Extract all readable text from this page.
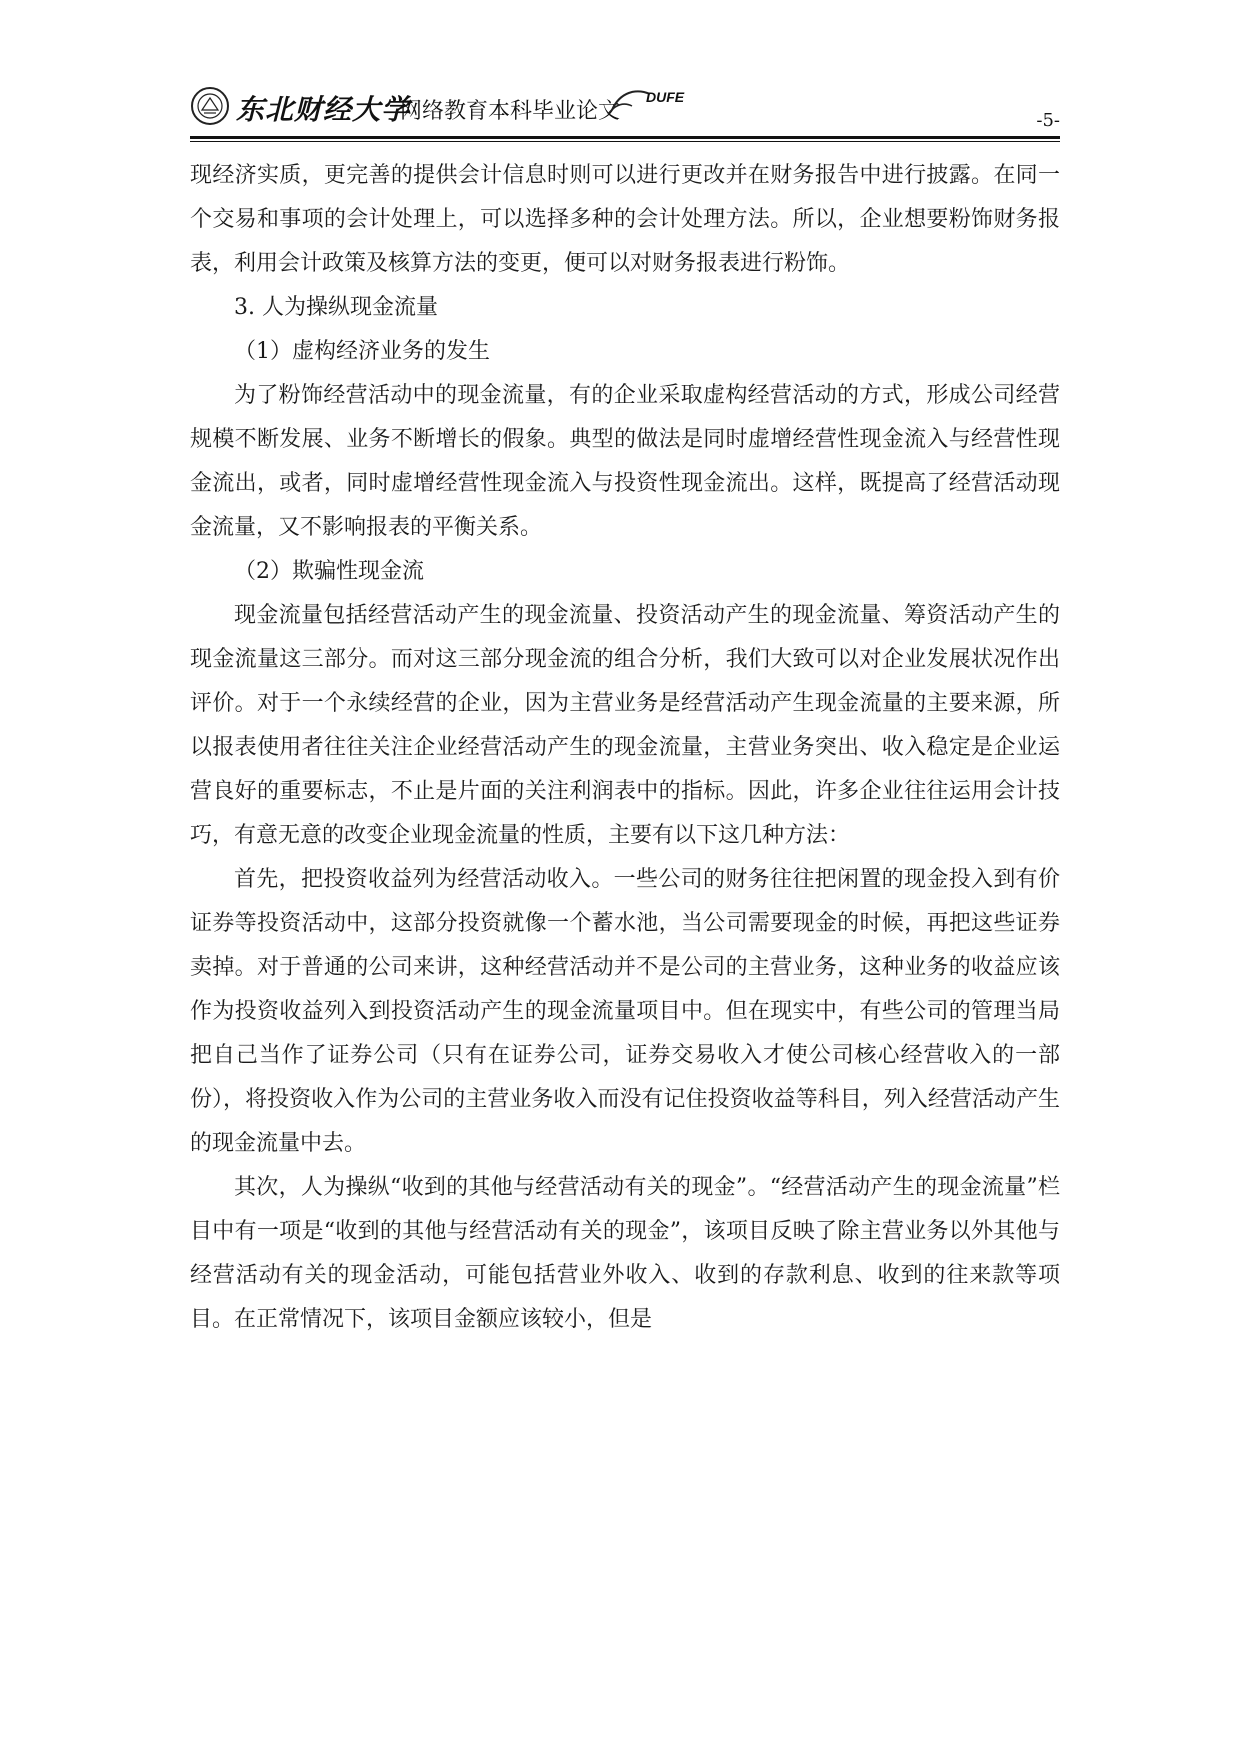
东北财经大学
网络教育本科毕业论文
DUFE
-5-

现经济实质，更完善的提供会计信息时则可以进行更改并在财务报告中进行披露。在同一个交易和事项的会计处理上，可以选择多种的会计处理方法。所以，企业想要粉饰财务报表，利用会计政策及核算方法的变更，便可以对财务报表进行粉饰。

3. 人为操纵现金流量

（1）虚构经济业务的发生

为了粉饰经营活动中的现金流量，有的企业采取虚构经营活动的方式，形成公司经营规模不断发展、业务不断增长的假象。典型的做法是同时虚增经营性现金流入与经营性现金流出，或者，同时虚增经营性现金流入与投资性现金流出。这样，既提高了经营活动现金流量，又不影响报表的平衡关系。

（2）欺骗性现金流

现金流量包括经营活动产生的现金流量、投资活动产生的现金流量、筹资活动产生的现金流量这三部分。而对这三部分现金流的组合分析，我们大致可以对企业发展状况作出评价。对于一个永续经营的企业，因为主营业务是经营活动产生现金流量的主要来源，所以报表使用者往往关注企业经营活动产生的现金流量，主营业务突出、收入稳定是企业运营良好的重要标志，不止是片面的关注利润表中的指标。因此，许多企业往往运用会计技巧，有意无意的改变企业现金流量的性质，主要有以下这几种方法：

首先，把投资收益列为经营活动收入。一些公司的财务往往把闲置的现金投入到有价证券等投资活动中，这部分投资就像一个蓄水池，当公司需要现金的时候，再把这些证券卖掉。对于普通的公司来讲，这种经营活动并不是公司的主营业务，这种业务的收益应该作为投资收益列入到投资活动产生的现金流量项目中。但在现实中，有些公司的管理当局把自己当作了证券公司（只有在证券公司，证券交易收入才使公司核心经营收入的一部份），将投资收入作为公司的主营业务收入而没有记住投资收益等科目，列入经营活动产生的现金流量中去。

其次，人为操纵“收到的其他与经营活动有关的现金”。“经营活动产生的现金流量”栏目中有一项是“收到的其他与经营活动有关的现金”，该项目反映了除主营业务以外其他与经营活动有关的现金活动，可能包括营业外收入、收到的存款利息、收到的往来款等项目。在正常情况下，该项目金额应该较小，但是
